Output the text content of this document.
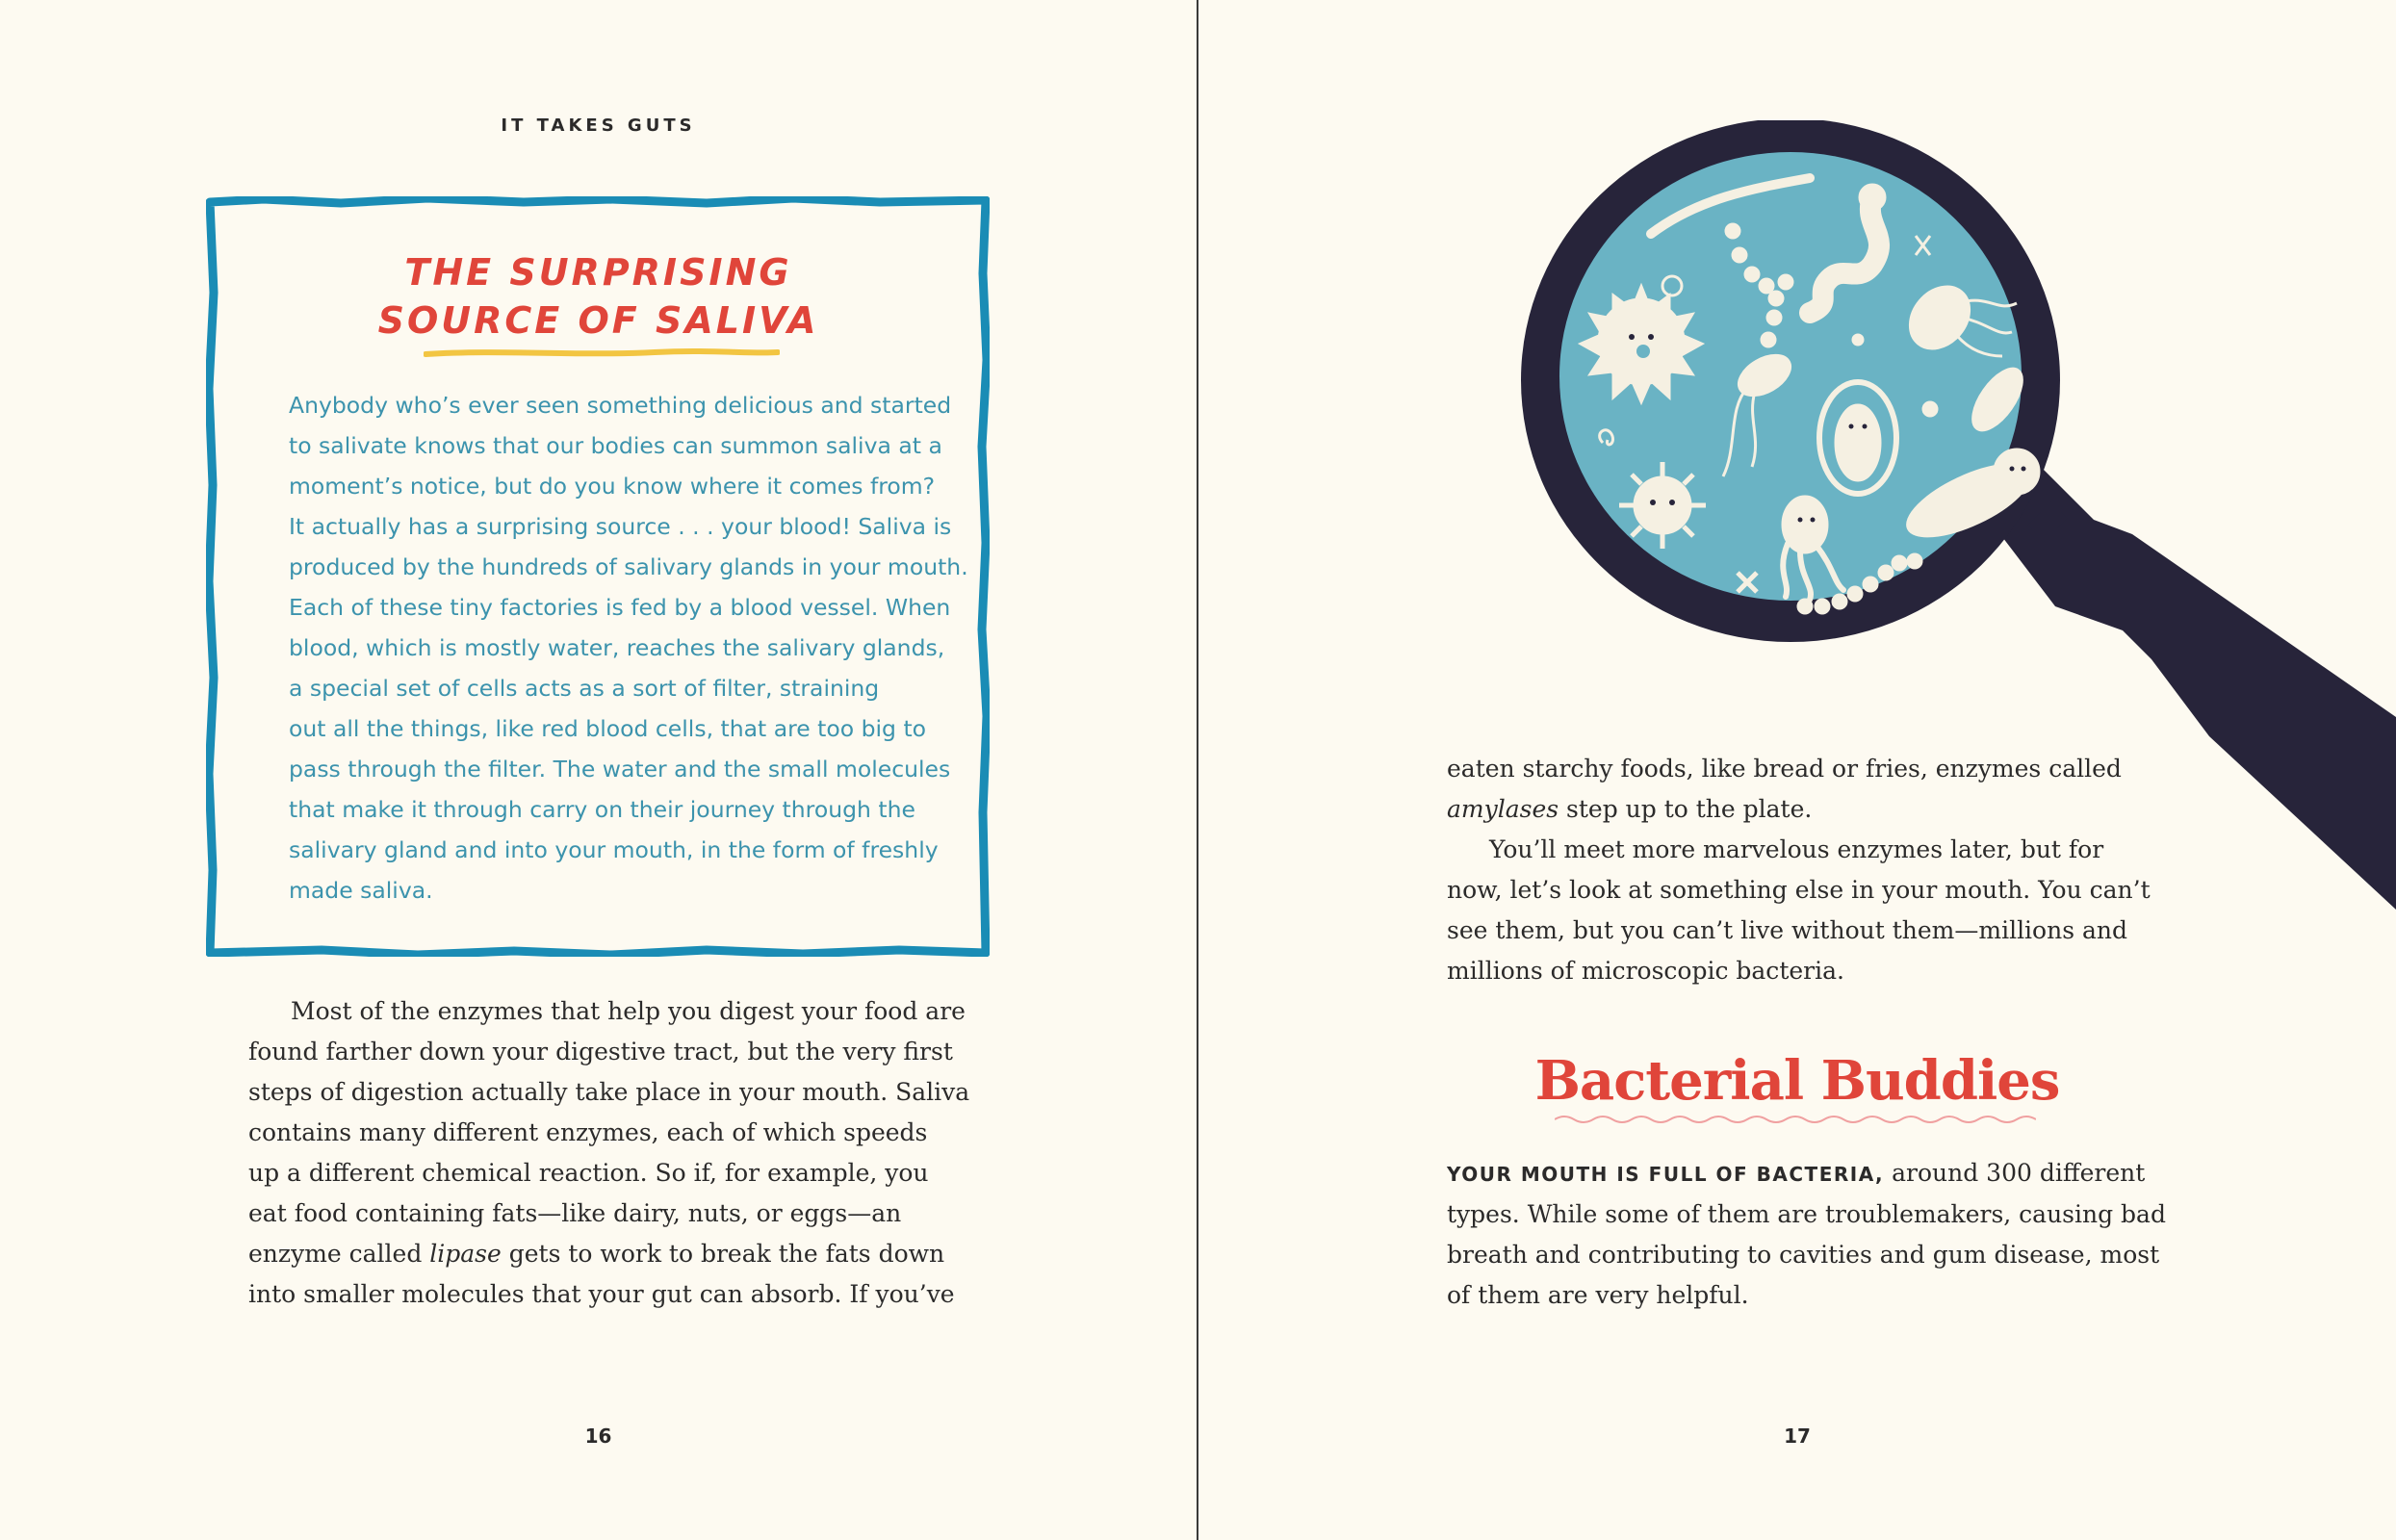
IT TAKES GUTS
THE SURPRISING
SOURCE OF SALIVA

Anybody who’s ever seen something delicious and started
to salivate knows that our bodies can summon saliva at a
moment’s notice, but do you know where it comes from?
It actually has a surprising source . . . your blood! Saliva is
produced by the hundreds of salivary glands in your mouth.
Each of these tiny factories is fed by a blood vessel. When
blood, which is mostly water, reaches the salivary glands,
a special set of cells acts as a sort of filter, straining
out all the things, like red blood cells, that are too big to
pass through the filter. The water and the small molecules
that make it through carry on their journey through the
salivary gland and into your mouth, in the form of freshly
made saliva.

Most of the enzymes that help you digest your food are
found farther down your digestive tract, but the very first
steps of digestion actually take place in your mouth. Saliva
contains many different enzymes, each of which speeds
up a different chemical reaction. So if, for example, you
eat food containing fats—like dairy, nuts, or eggs—an
enzyme called lipase gets to work to break the fats down
into smaller molecules that your gut can absorb. If you’ve

16

eaten starchy foods, like bread or fries, enzymes called
amylases step up to the plate.
You’ll meet more marvelous enzymes later, but for
now, let’s look at something else in your mouth. You can’t
see them, but you can’t live without them—millions and
millions of microscopic bacteria.

Bacterial Buddies

YOUR MOUTH IS FULL OF BACTERIA, around 300 different
types. While some of them are troublemakers, causing bad
breath and contributing to cavities and gum disease, most
of them are very helpful.

17
